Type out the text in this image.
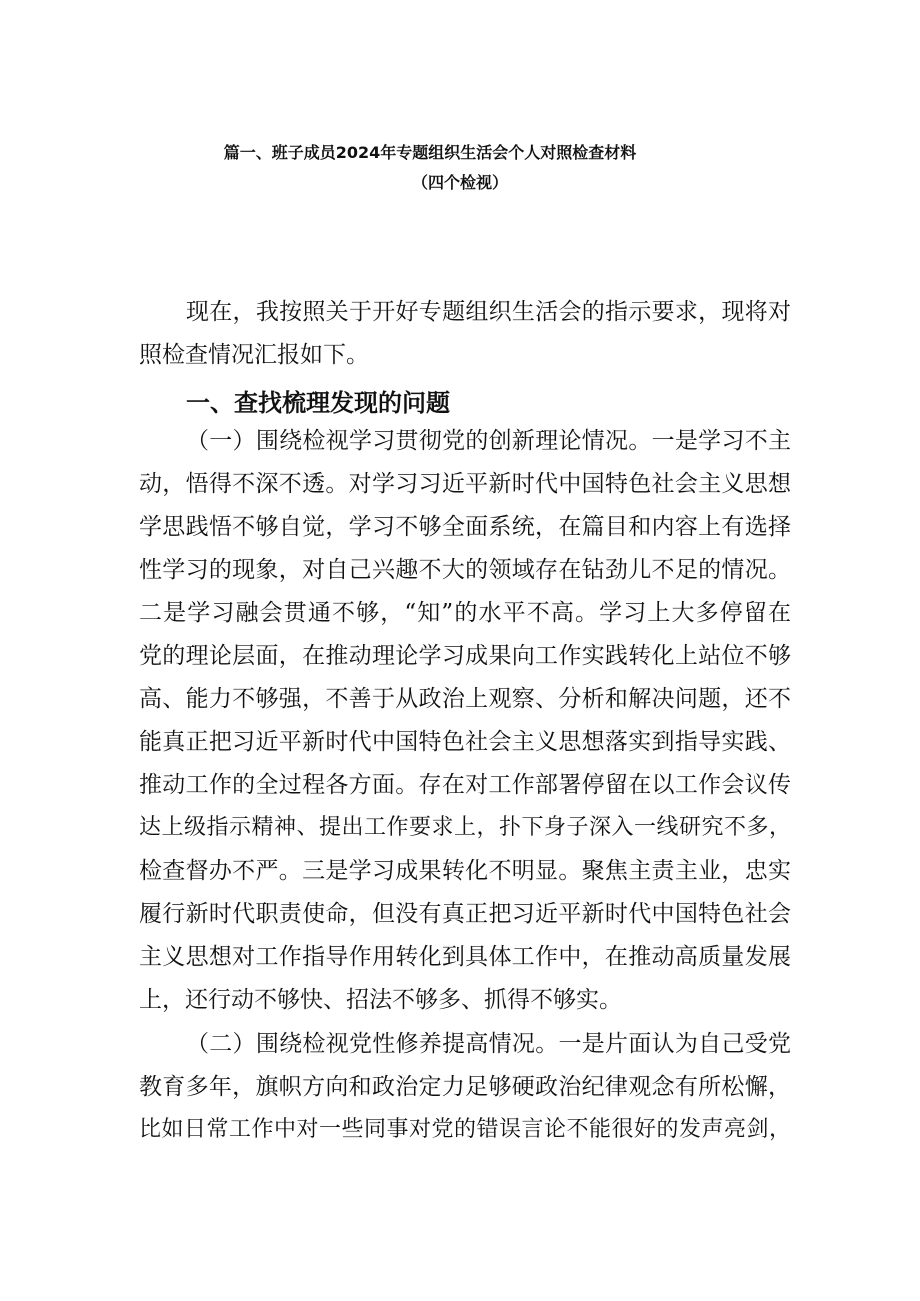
篇一、班子成员2024年专题组织生活会个人对照检查材料
（四个检视）
现在，我按照关于开好专题组织生活会的指示要求，现将对
照检查情况汇报如下。
一、查找梳理发现的问题
（一）围绕检视学习贯彻党的创新理论情况。一是学习不主
动，悟得不深不透。对学习习近平新时代中国特色社会主义思想
学思践悟不够自觉，学习不够全面系统，在篇目和内容上有选择
性学习的现象，对自己兴趣不大的领域存在钻劲儿不足的情况。
二是学习融会贯通不够，“知”的水平不高。学习上大多停留在
党的理论层面，在推动理论学习成果向工作实践转化上站位不够
高、能力不够强，不善于从政治上观察、分析和解决问题，还不
能真正把习近平新时代中国特色社会主义思想落实到指导实践、
推动工作的全过程各方面。存在对工作部署停留在以工作会议传
达上级指示精神、提出工作要求上，扑下身子深入一线研究不多，
检查督办不严。三是学习成果转化不明显。聚焦主责主业，忠实
履行新时代职责使命，但没有真正把习近平新时代中国特色社会
主义思想对工作指导作用转化到具体工作中，在推动高质量发展
上，还行动不够快、招法不够多、抓得不够实。
（二）围绕检视党性修养提高情况。一是片面认为自己受党
教育多年，旗帜方向和政治定力足够硬政治纪律观念有所松懈，
比如日常工作中对一些同事对党的错误言论不能很好的发声亮剑，
